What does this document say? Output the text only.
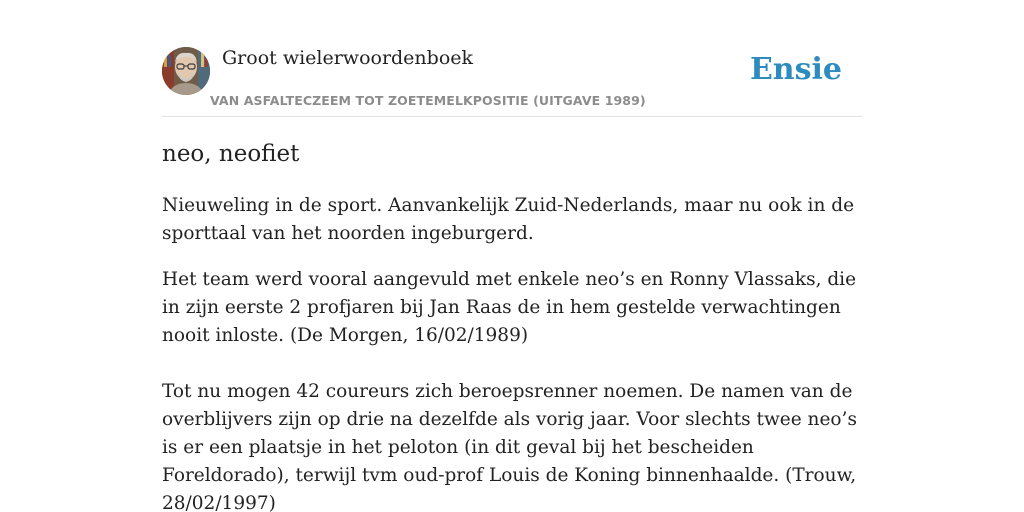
Groot wielerwoordenboek
VAN ASFALTECZEEM TOT ZOETEMELKPOSITIE (UITGAVE 1989)
Ensie
neo, neofiet

Nieuweling in de sport. Aanvankelijk Zuid-Nederlands, maar nu ook in de sporttaal van het noorden ingeburgerd.

Het team werd vooral aangevuld met enkele neo’s en Ronny Vlassaks, die in zijn eerste 2 profjaren bij Jan Raas de in hem gestelde verwachtingen nooit inloste. (De Morgen, 16/02/1989)

Tot nu mogen 42 coureurs zich beroepsrenner noemen. De namen van de overblijvers zijn op drie na dezelfde als vorig jaar. Voor slechts twee neo’s is er een plaatsje in het peloton (in dit geval bij het bescheiden Foreldorado), terwijl tvm oud-prof Louis de Koning binnenhaalde. (Trouw, 28/02/1997)
